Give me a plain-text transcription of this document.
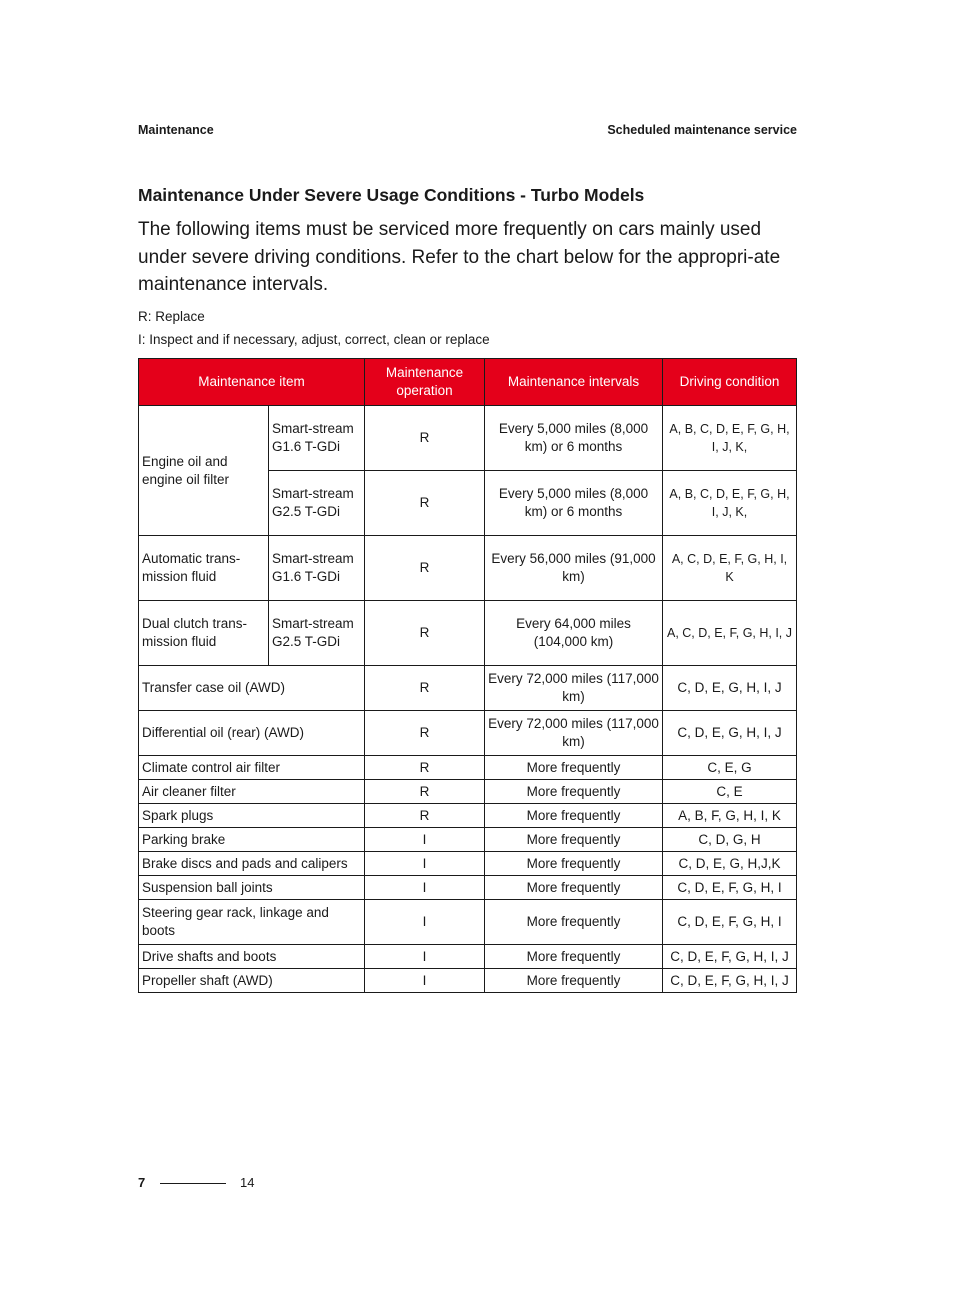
Maintenance	Scheduled maintenance service
Maintenance Under Severe Usage Conditions - Turbo Models

The following items must be serviced more frequently on cars mainly used under severe driving conditions. Refer to the chart below for the appropri-ate maintenance intervals.

R: Replace
I: Inspect and if necessary, adjust, correct, clean or replace
Maintenance item		Maintenance operation	Maintenance intervals	Driving condition
Engine oil and engine oil filter	Smart-stream G1.6 T-GDi	R	Every 5,000 miles (8,000 km) or 6 months	A, B, C, D, E, F, G, H, I, J, K,
	Smart-stream G2.5 T-GDi	R	Every 5,000 miles (8,000 km) or 6 months	A, B, C, D, E, F, G, H, I, J, K,
Automatic trans-mission fluid	Smart-stream G1.6 T-GDi	R	Every 56,000 miles (91,000 km)	A, C, D, E, F, G, H, I, K
Dual clutch trans-mission fluid	Smart-stream G2.5 T-GDi	R	Every 64,000 miles (104,000 km)	A, C, D, E, F, G, H, I, J
Transfer case oil (AWD)		R	Every 72,000 miles (117,000 km)	C, D, E, G, H, I, J
Differential oil (rear) (AWD)		R	Every 72,000 miles (117,000 km)	C, D, E, G, H, I, J
Climate control air filter		R	More frequently	C, E, G
Air cleaner filter		R	More frequently	C, E
Spark plugs		R	More frequently	A, B, F, G, H, I, K
Parking brake		I	More frequently	C, D, G, H
Brake discs and pads and calipers		I	More frequently	C, D, E, G, H,J,K
Suspension ball joints		I	More frequently	C, D, E, F, G, H, I
Steering gear rack, linkage and boots		I	More frequently	C, D, E, F, G, H, I
Drive shafts and boots		I	More frequently	C, D, E, F, G, H, I, J
Propeller shaft (AWD)		I	More frequently	C, D, E, F, G, H, I, J
7	14
